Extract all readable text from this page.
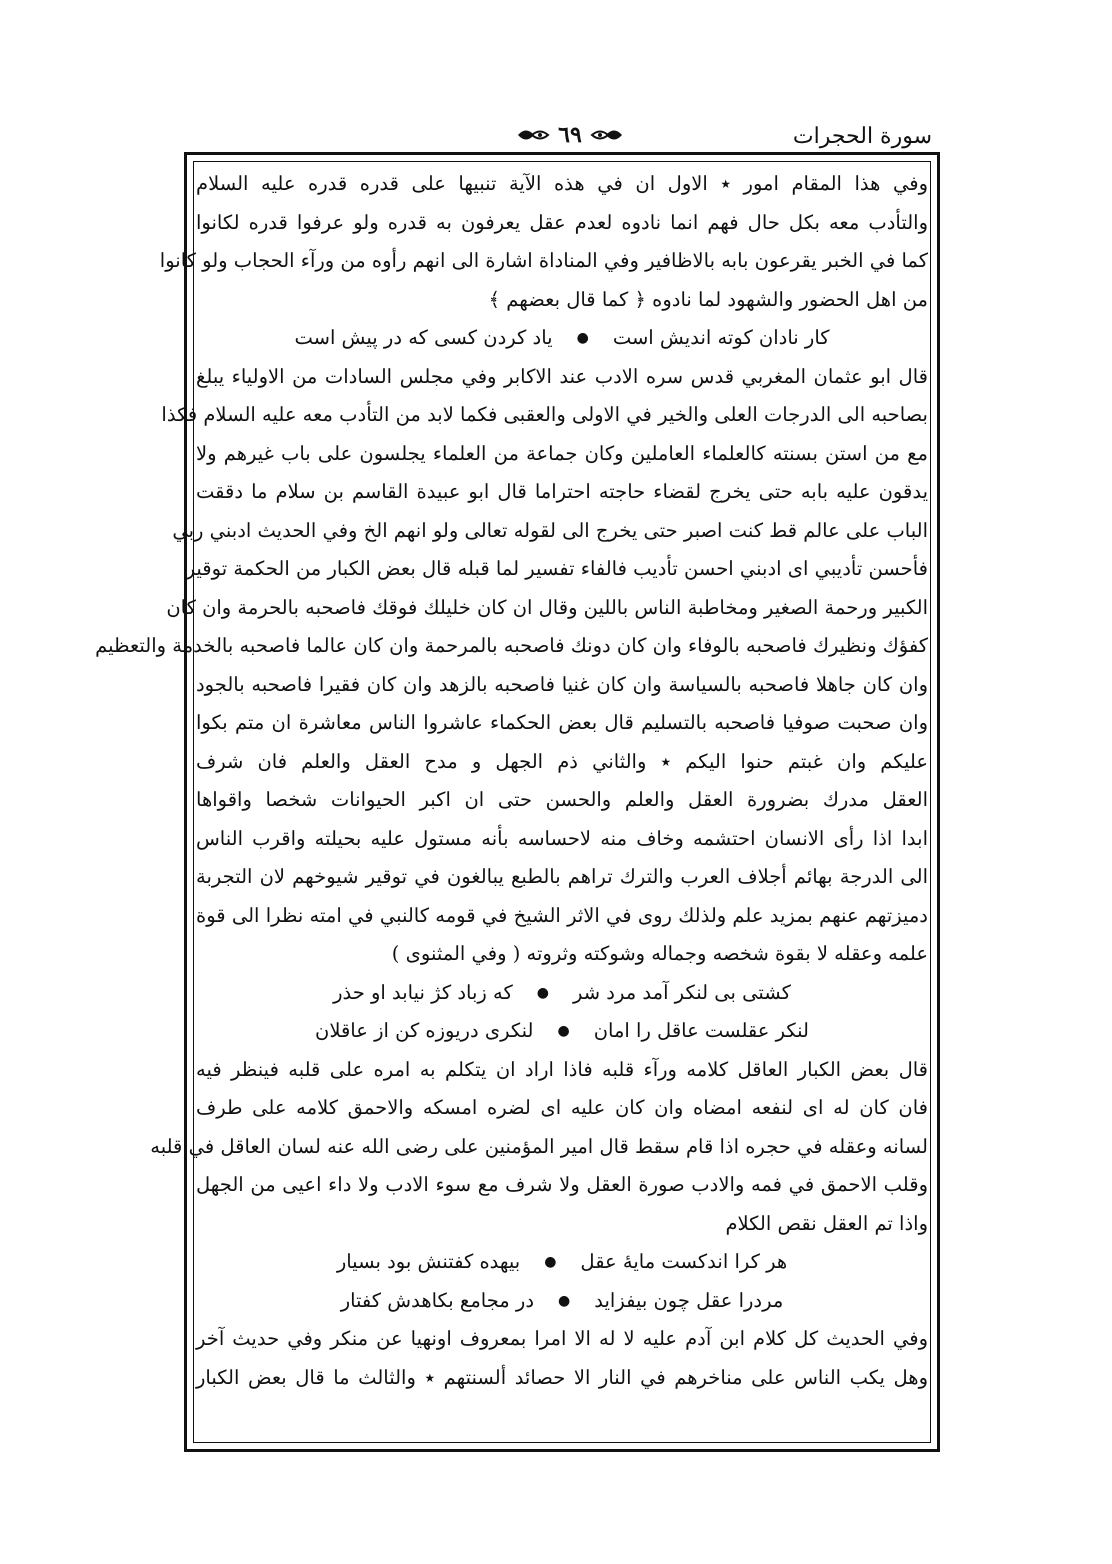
سورة الحجرات
٦٩
وفي هذا المقام امور ٭ الاول ان في هذه الآية تنبيها على قدره قدره عليه السلام
والتأدب معه بكل حال فهم انما نادوه لعدم عقل يعرفون به قدره ولو عرفوا قدره لكانوا
كما في الخبر يقرعون بابه بالاظافير وفي المناداة اشارة الى انهم رأوه من ورآء الحجاب ولو كانوا
من اهل الحضور والشهود لما نادوه ﴿ كما قال بعضهم ﴾
كار نادان كوته انديش است
●
ياد كردن كسى كه در پيش است
قال ابو عثمان المغربي قدس سره الادب عند الاكابر وفي مجلس السادات من الاولياء يبلغ
بصاحبه الى الدرجات العلى والخير في الاولى والعقبى فكما لابد من التأدب معه عليه السلام فكذا
مع من استن بسنته كالعلماء العاملين وكان جماعة من العلماء يجلسون على باب غيرهم ولا
يدقون عليه بابه حتى يخرج لقضاء حاجته احتراما قال ابو عبيدة القاسم بن سلام ما دققت
الباب على عالم قط كنت اصبر حتى يخرج الى لقوله تعالى ولو انهم الخ وفي الحديث ادبني ربي
فأحسن تأديبي اى ادبني احسن تأديب فالفاء تفسير لما قبله قال بعض الكبار من الحكمة توقير
الكبير ورحمة الصغير ومخاطبة الناس باللين وقال ان كان خليلك فوقك فاصحبه بالحرمة وان كان
كفؤك ونظيرك فاصحبه بالوفاء وان كان دونك فاصحبه بالمرحمة وان كان عالما فاصحبه بالخدمة والتعظيم
وان كان جاهلا فاصحبه بالسياسة وان كان غنيا فاصحبه بالزهد وان كان فقيرا فاصحبه بالجود
وان صحبت صوفيا فاصحبه بالتسليم قال بعض الحكماء عاشروا الناس معاشرة ان متم بكوا
عليكم وان غبتم حنوا اليكم ٭ والثاني ذم الجهل و مدح العقل والعلم فان شرف
العقل مدرك بضرورة العقل والعلم والحسن حتى ان اكبر الحيوانات شخصا واقواها
ابدا اذا رأى الانسان احتشمه وخاف منه لاحساسه بأنه مستول عليه بحيلته واقرب الناس
الى الدرجة بهائم أجلاف العرب والترك تراهم بالطبع يبالغون في توقير شيوخهم لان التجربة
دميزتهم عنهم بمزيد علم ولذلك روى في الاثر الشيخ في قومه كالنبي في امته نظرا الى قوة
علمه وعقله لا بقوة شخصه وجماله وشوكته وثروته ( وفي المثنوى )
كشتى بى لنكر آمد مرد شر
●
كه زباد كژ نيابد او حذر
لنكر عقلست عاقل را امان
●
لنكرى دريوزه كن از عاقلان
قال بعض الكبار العاقل كلامه ورآء قلبه فاذا اراد ان يتكلم به امره على قلبه فينظر فيه
فان كان له اى لنفعه امضاه وان كان عليه اى لضره امسكه والاحمق كلامه على طرف
لسانه وعقله في حجره اذا قام سقط قال امير المؤمنين على رضى الله عنه لسان العاقل في قلبه
وقلب الاحمق في فمه والادب صورة العقل ولا شرف مع سوء الادب ولا داء اعيى من الجهل
واذا تم العقل نقص الكلام
هر كرا اندكست مايهٔ عقل
●
بيهده كفتنش بود بسيار
مردرا عقل چون بيفزايد
●
در مجامع بكاهدش كفتار
وفي الحديث كل كلام ابن آدم عليه لا له الا امرا بمعروف اونهيا عن منكر وفي حديث آخر
وهل يكب الناس على مناخرهم في النار الا حصائد ألسنتهم ٭ والثالث ما قال بعض الكبار
